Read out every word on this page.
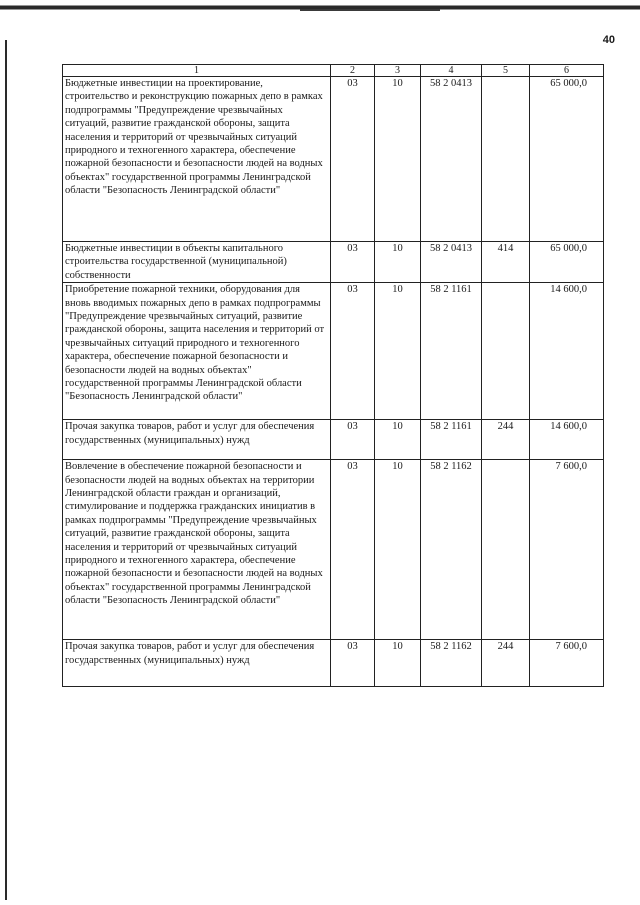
40
1	2	3	4	5	6
Бюджетные инвестиции на проектирование, строительство и реконструкцию пожарных депо в рамках подпрограммы "Предупреждение чрезвычайных ситуаций, развитие гражданской обороны, защита населения и территорий от чрезвычайных ситуаций природного и техногенного характера, обеспечение пожарной безопасности и безопасности людей на водных объектах" государственной программы Ленинградской области "Безопасность Ленинградской области"	03	10	58 2 0413		65 000,0
Бюджетные инвестиции в объекты капитального строительства государственной (муниципальной) собственности	03	10	58 2 0413	414	65 000,0
Приобретение пожарной техники, оборудования для вновь вводимых пожарных депо в рамках подпрограммы "Предупреждение чрезвычайных ситуаций, развитие гражданской обороны, защита населения и территорий от чрезвычайных ситуаций природного и техногенного характера, обеспечение пожарной безопасности и безопасности людей на водных объектах" государственной программы Ленинградской области "Безопасность Ленинградской области"	03	10	58 2 1161		14 600,0
Прочая закупка товаров, работ и услуг для обеспечения государственных (муниципальных) нужд	03	10	58 2 1161	244	14 600,0
Вовлечение в обеспечение пожарной безопасности и безопасности людей на водных объектах на территории Ленинградской области граждан и организаций, стимулирование и поддержка гражданских инициатив в рамках подпрограммы "Предупреждение чрезвычайных ситуаций, развитие гражданской обороны, защита населения и территорий от чрезвычайных ситуаций природного и техногенного характера, обеспечение пожарной безопасности и безопасности людей на водных объектах" государственной программы Ленинградской области "Безопасность Ленинградской области"	03	10	58 2 1162		7 600,0
Прочая закупка товаров, работ и услуг для обеспечения государственных (муниципальных) нужд	03	10	58 2 1162	244	7 600,0
